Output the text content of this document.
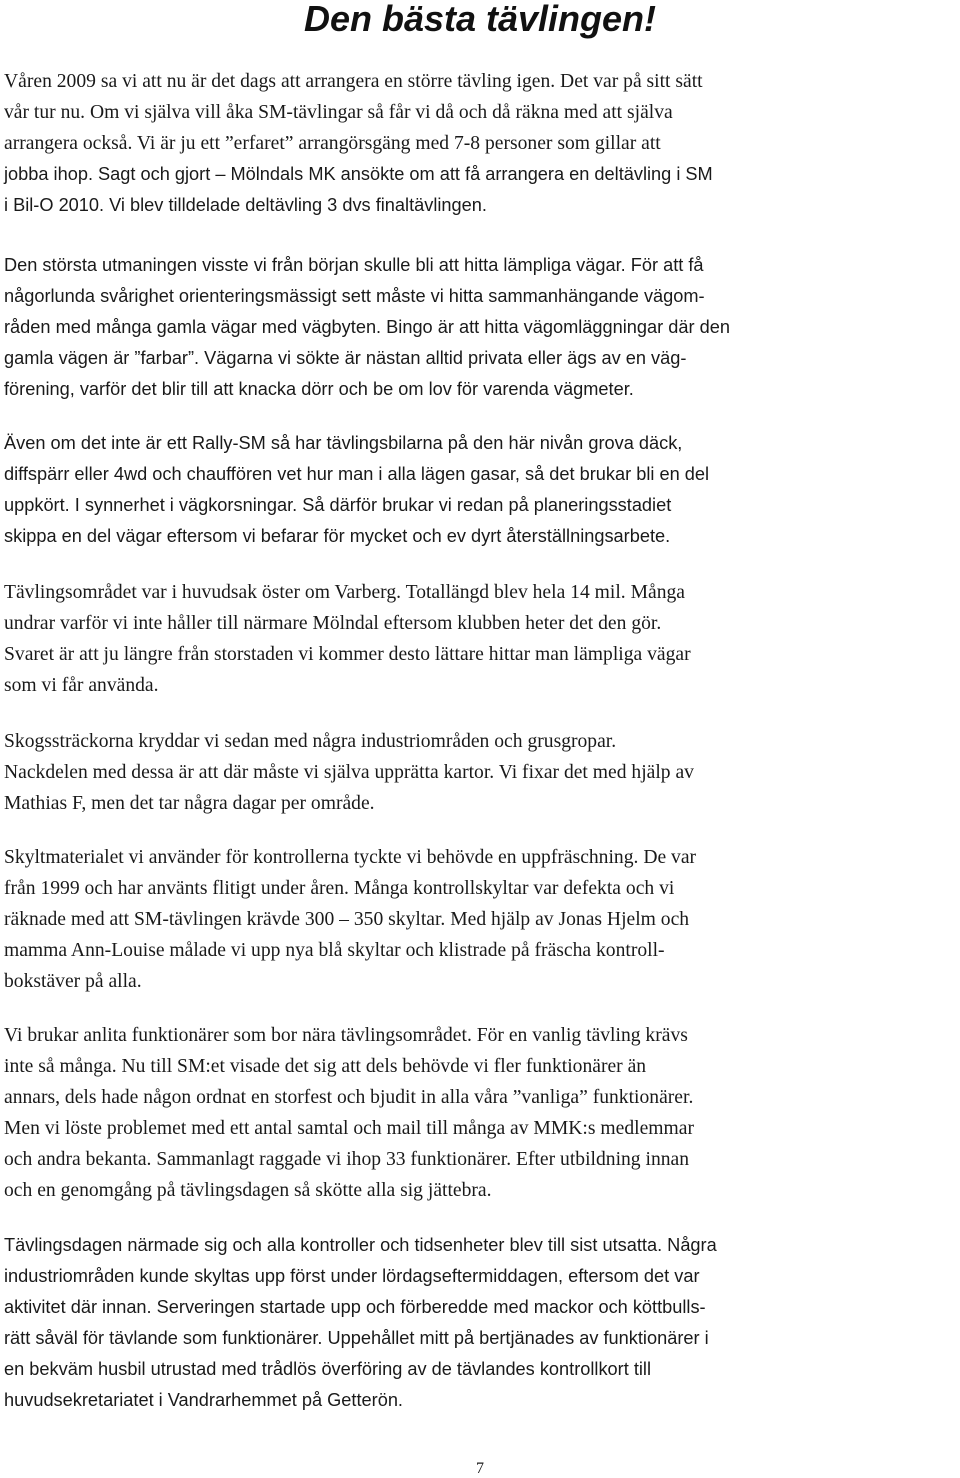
Den bästa tävlingen!

Våren 2009 sa vi att nu är det dags att arrangera en större tävling igen. Det var på sitt sätt
vår tur nu. Om vi själva vill åka SM-tävlingar så får vi då och då räkna med att själva
arrangera också. Vi är ju ett ”erfaret” arrangörsgäng med 7-8 personer som gillar att
jobba ihop. Sagt och gjort – Mölndals MK ansökte om att få arrangera en deltävling i SM
i Bil-O 2010. Vi blev tilldelade deltävling 3 dvs finaltävlingen.

Den största utmaningen visste vi från början skulle bli att hitta lämpliga vägar. För att få
någorlunda svårighet orienteringsmässigt sett måste vi hitta sammanhängande vägom-
råden med många gamla vägar med vägbyten. Bingo är att hitta vägomläggningar där den
gamla vägen är ”farbar”. Vägarna vi sökte är nästan alltid privata eller ägs av en väg-
förening, varför det blir till att knacka dörr och be om lov för varenda vägmeter.

Även om det inte är ett Rally-SM så har tävlingsbilarna på den här nivån grova däck,
diffspärr eller 4wd och chauffören vet hur man i alla lägen gasar, så det brukar bli en del
uppkört. I synnerhet i vägkorsningar. Så därför brukar vi redan på planeringsstadiet
skippa en del vägar eftersom vi befarar för mycket och ev dyrt återställningsarbete.

Tävlingsområdet var i huvudsak öster om Varberg. Totallängd blev hela 14 mil. Många
undrar varför vi inte håller till närmare Mölndal eftersom klubben heter det den gör.
Svaret är att ju längre från storstaden vi kommer desto lättare hittar man lämpliga vägar
som vi får använda.

Skogssträckorna kryddar vi sedan med några industriområden och grusgropar.
Nackdelen med dessa är att där måste vi själva upprätta kartor. Vi fixar det med hjälp av
Mathias F, men det tar några dagar per område.

Skyltmaterialet vi använder för kontrollerna tyckte vi behövde en uppfräschning. De var
från 1999 och har använts flitigt under åren. Många kontrollskyltar var defekta och vi
räknade med att SM-tävlingen krävde 300 – 350 skyltar. Med hjälp av Jonas Hjelm och
mamma Ann-Louise målade vi upp nya blå skyltar och klistrade på fräscha kontroll-
bokstäver på alla.

Vi brukar anlita funktionärer som bor nära tävlingsområdet. För en vanlig tävling krävs
inte så många. Nu till SM:et visade det sig att dels behövde vi fler funktionärer än
annars, dels hade någon ordnat en storfest och bjudit in alla våra ”vanliga” funktionärer.
Men vi löste problemet med ett antal samtal och mail till många av MMK:s medlemmar
och andra bekanta. Sammanlagt raggade vi ihop 33 funktionärer. Efter utbildning innan
och en genomgång på tävlingsdagen så skötte alla sig jättebra.

Tävlingsdagen närmade sig och alla kontroller och tidsenheter blev till sist utsatta. Några
industriområden kunde skyltas upp först under lördagseftermiddagen, eftersom det var
aktivitet där innan. Serveringen startade upp och förberedde med mackor och köttbulls-
rätt såväl för tävlande som funktionärer. Uppehållet mitt på bertjänades av funktionärer i
en bekväm husbil utrustad med trådlös överföring av de tävlandes kontrollkort till
huvudsekretariatet i Vandrarhemmet på Getterön.

7
